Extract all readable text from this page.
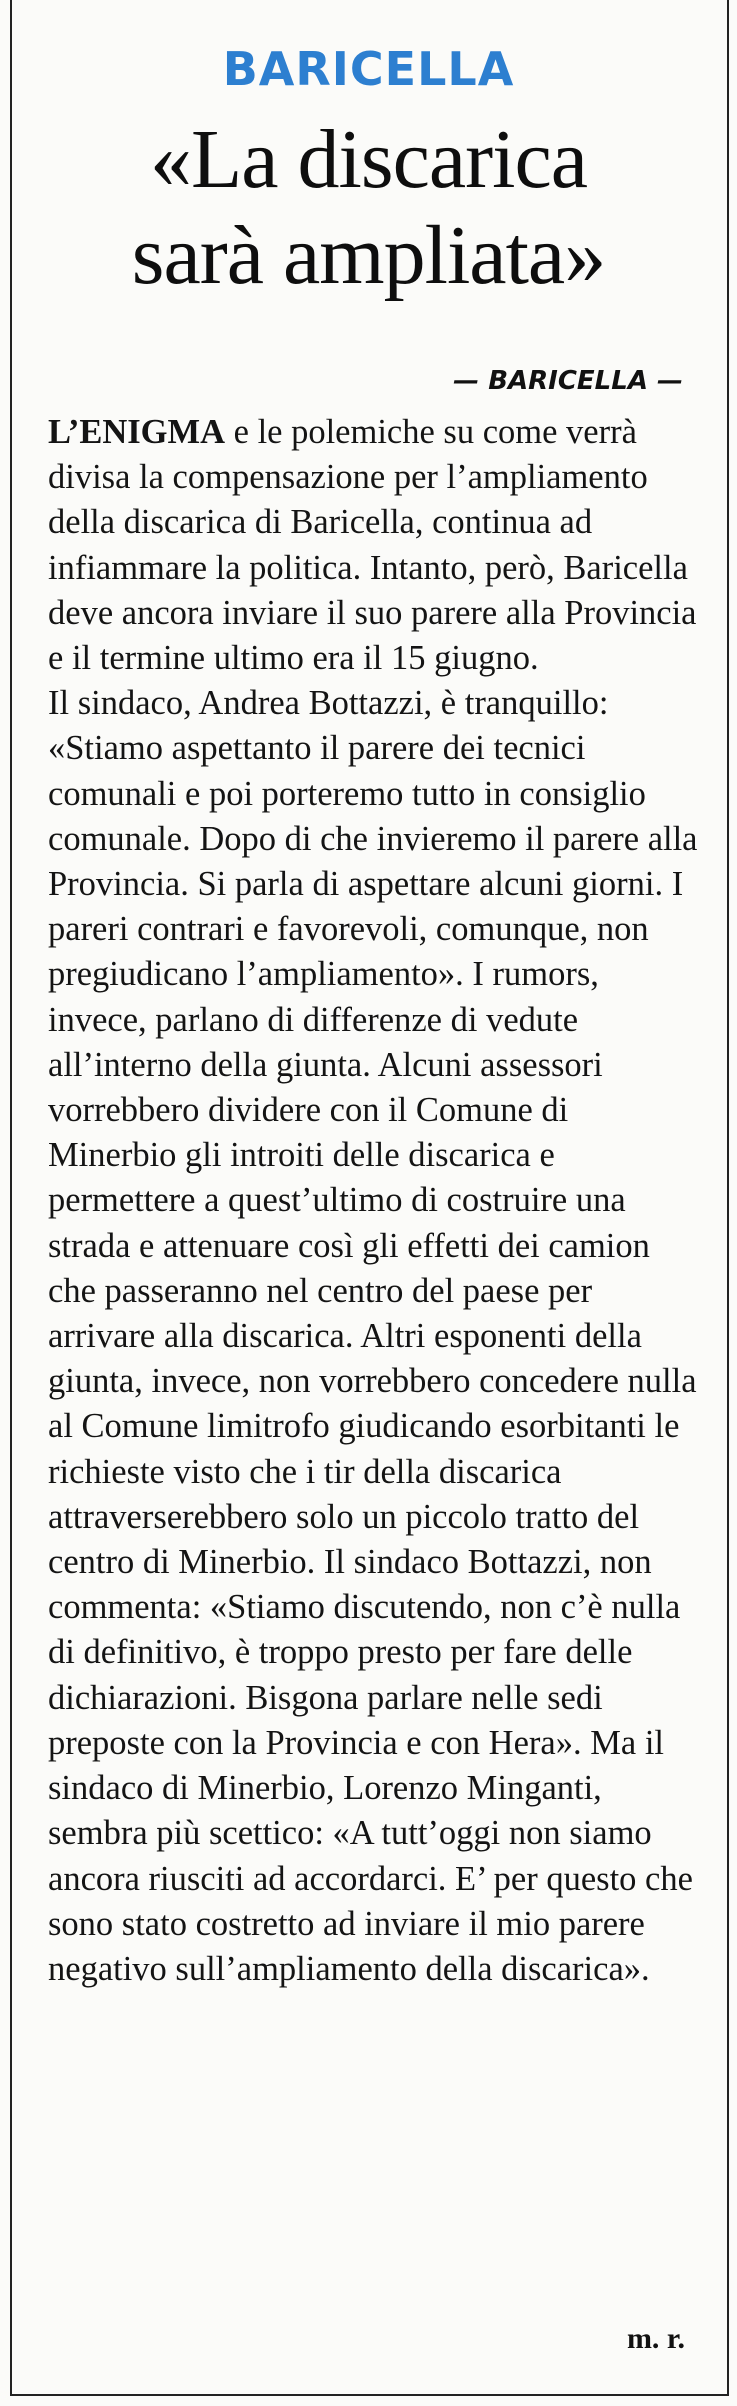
BARICELLA
«La discarica
sarà ampliata»
— BARICELLA —

L’ENIGMA e le polemiche su come verrà divisa la compensazione per l’ampliamento della discarica di Baricella, continua ad infiammare la politica. Intanto, però, Baricella deve ancora inviare il suo parere alla Provincia e il termine ultimo era il 15 giugno.

Il sindaco, Andrea Bottazzi, è tranquillo: «Stiamo aspettanto il parere dei tecnici comunali e poi porteremo tutto in consiglio comunale. Dopo di che invieremo il parere alla Provincia. Si parla di aspettare alcuni giorni. I pareri contrari e favorevoli, comunque, non pregiudicano l’ampliamento». I rumors, invece, parlano di differenze di vedute all’interno della giunta. Alcuni assessori vorrebbero dividere con il Comune di Minerbio gli introiti delle discarica e permettere a quest’ultimo di costruire una strada e attenuare così gli effetti dei camion che passeranno nel centro del paese per arrivare alla discarica. Altri esponenti della giunta, invece, non vorrebbero concedere nulla al Comune limitrofo giudicando esorbitanti le richieste visto che i tir della discarica attraverserebbero solo un piccolo tratto del centro di Minerbio. Il sindaco Bottazzi, non commenta: «Stiamo discutendo, non c’è nulla di definitivo, è troppo presto per fare delle dichiarazioni. Bisgona parlare nelle sedi preposte con la Provincia e con Hera». Ma il sindaco di Minerbio, Lorenzo Minganti, sembra più scettico: «A tutt’oggi non siamo ancora riusciti ad accordarci. E’ per questo che sono stato costretto ad inviare il mio parere negativo sull’ampliamento della discarica».

m. r.
